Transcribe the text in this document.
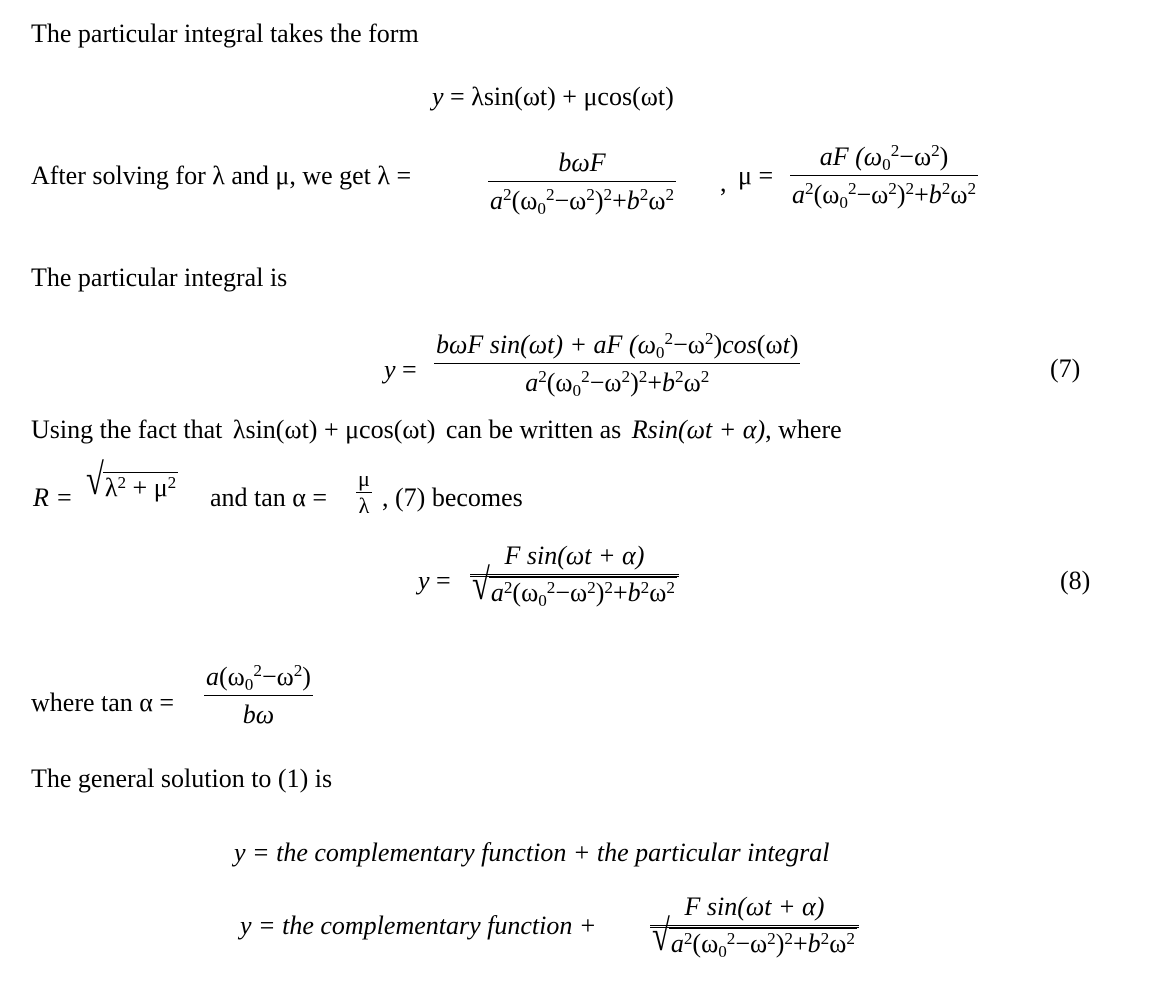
The particular integral takes the form
y = λsin(ωt) + μcos(ωt)
After solving for λ and μ, we get λ =	bωF
$a^2(\omega_0^2-\omega^2)^2+b^2\omega^2$ , μ =
aF $(\omega_0^2-\omega^2)$
$a^2(\omega_0^2-\omega^2)^2+b^2\omega^2$
The particular integral is
y =
bωF sin(ωt) + aF $(\omega_0^2-\omega^2)\cos(\omega t)$
$a^2(\omega_0^2-\omega^2)^2+b^2\omega^2$	(7)
Using the fact that λsin(ωt) + μcos(ωt) can be written as Rsin(ωt + α), where
R = √ $\lambda^2 + \mu^2$
and tan α =
μ
λ , (7) becomes
y =
F sin(ωt + α)
√ $a^2(\omega_0^2-\omega^2)^2+b^2\omega^2$	(8)
where tan α =
$a(\omega_0^2-\omega^2)$
bω
The general solution to (1) is
y = the complementary function + the particular integral
y = the complementary function +
F sin(ωt + α)
√ $a^2(\omega_0^2-\omega^2)^2+b^2\omega^2$
